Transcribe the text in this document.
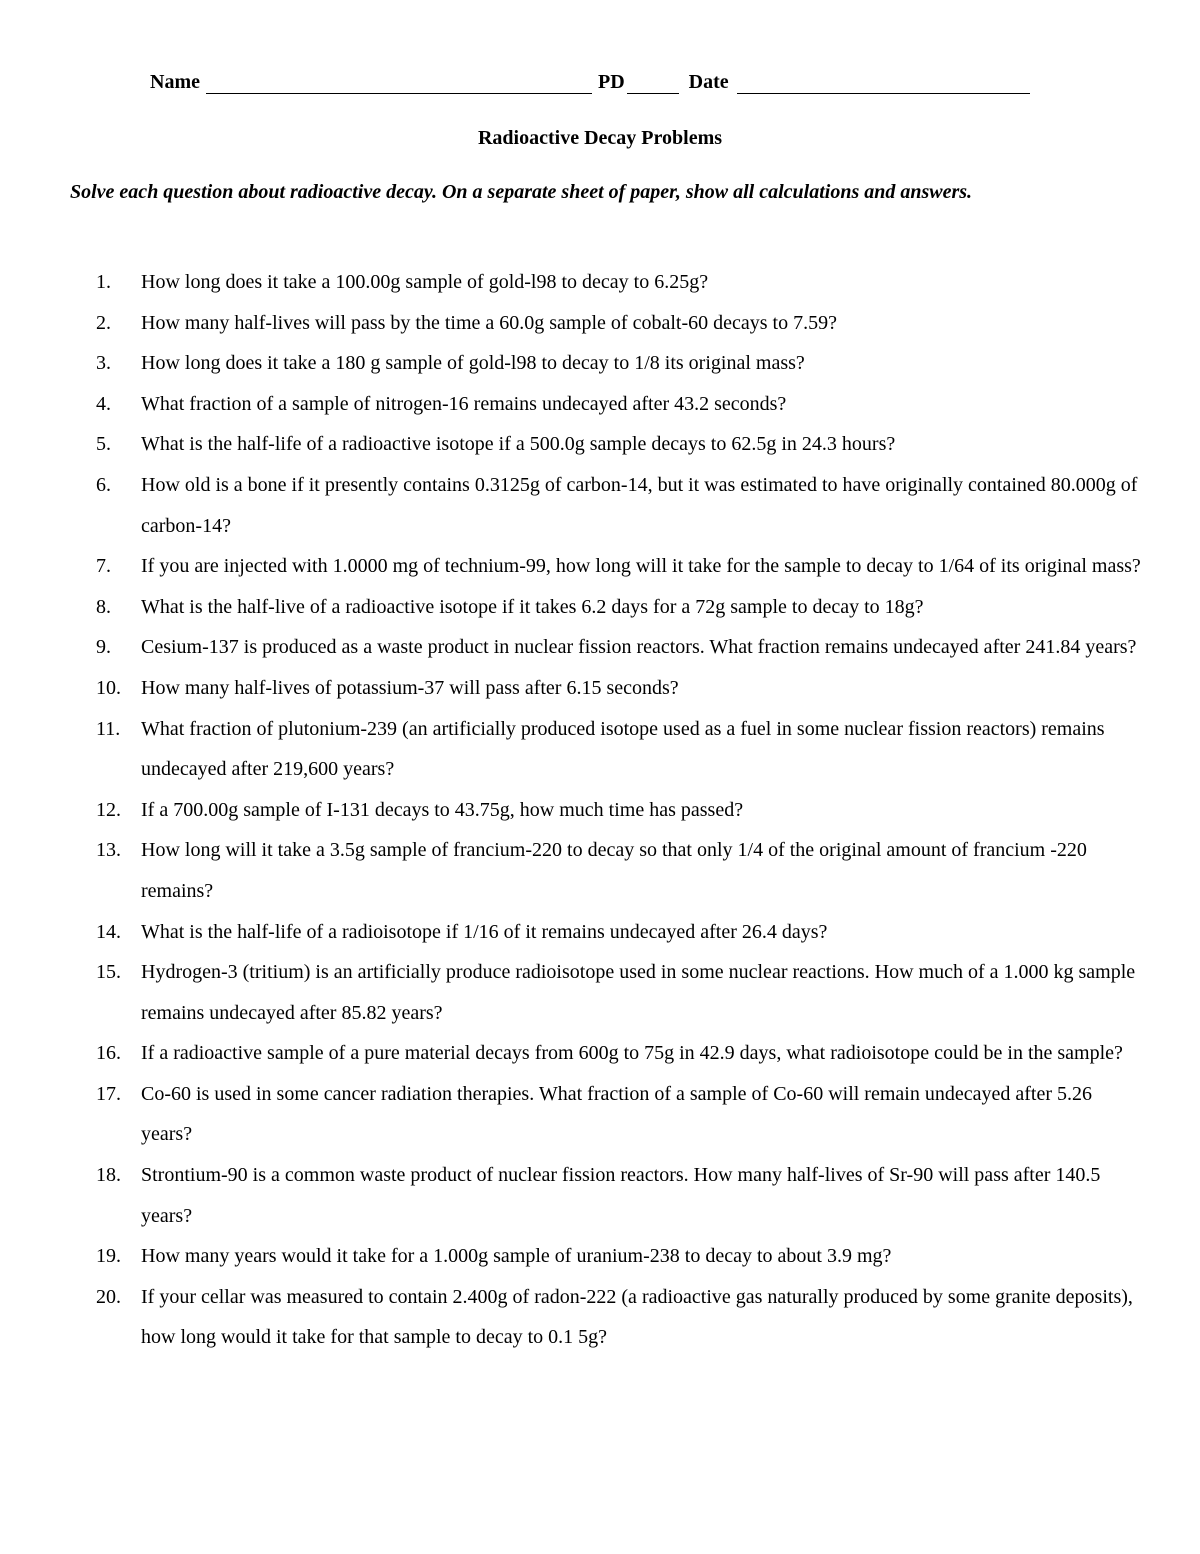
Name	PD	Date
Radioactive Decay Problems
Solve each question about radioactive decay. On a separate sheet of paper, show all calculations and answers.
1.	How long does it take a 100.00g sample of gold-l98 to decay to 6.25g?
2.	How many half-lives will pass by the time a 60.0g sample of cobalt-60 decays to 7.59?
3.	How long does it take a 180 g sample of gold-l98 to decay to 1/8 its original mass?
4.	What fraction of a sample of nitrogen-16 remains undecayed after 43.2 seconds?
5.	What is the half-life of a radioactive isotope if a 500.0g sample decays to 62.5g in 24.3 hours?
6.	How old is a bone if it presently contains 0.3125g of carbon-14, but it was estimated to have originally contained 80.000g of carbon-14?
7.	If you are injected with 1.0000 mg of technium-99, how long will it take for the sample to decay to 1/64 of its original mass?
8.	What is the half-live of a radioactive isotope if it takes 6.2 days for a 72g sample to decay to 18g?
9.	Cesium-137 is produced as a waste product in nuclear fission reactors. What fraction remains undecayed after 241.84 years?
10.	How many half-lives of potassium-37 will pass after 6.15 seconds?
11.	What fraction of plutonium-239 (an artificially produced isotope used as a fuel in some nuclear fission reactors) remains undecayed after 219,600 years?
12.	If a 700.00g sample of I-131 decays to 43.75g, how much time has passed?
13.	How long will it take a 3.5g sample of francium-220 to decay so that only 1/4 of the original amount of francium -220 remains?
14.	What is the half-life of a radioisotope if 1/16 of it remains undecayed after 26.4 days?
15.	Hydrogen-3 (tritium) is an artificially produce radioisotope used in some nuclear reactions. How much of a 1.000 kg sample remains undecayed after 85.82 years?
16.	If a radioactive sample of a pure material decays from 600g to 75g in 42.9 days, what radioisotope could be in the sample?
17.	Co-60 is used in some cancer radiation therapies. What fraction of a sample of Co-60 will remain undecayed after 5.26 years?
18.	Strontium-90 is a common waste product of nuclear fission reactors. How many half-lives of Sr-90 will pass after 140.5 years?
19.	How many years would it take for a 1.000g sample of uranium-238 to decay to about 3.9 mg?
20.	If your cellar was measured to contain 2.400g of radon-222 (a radioactive gas naturally produced by some granite deposits), how long would it take for that sample to decay to 0.1 5g?
